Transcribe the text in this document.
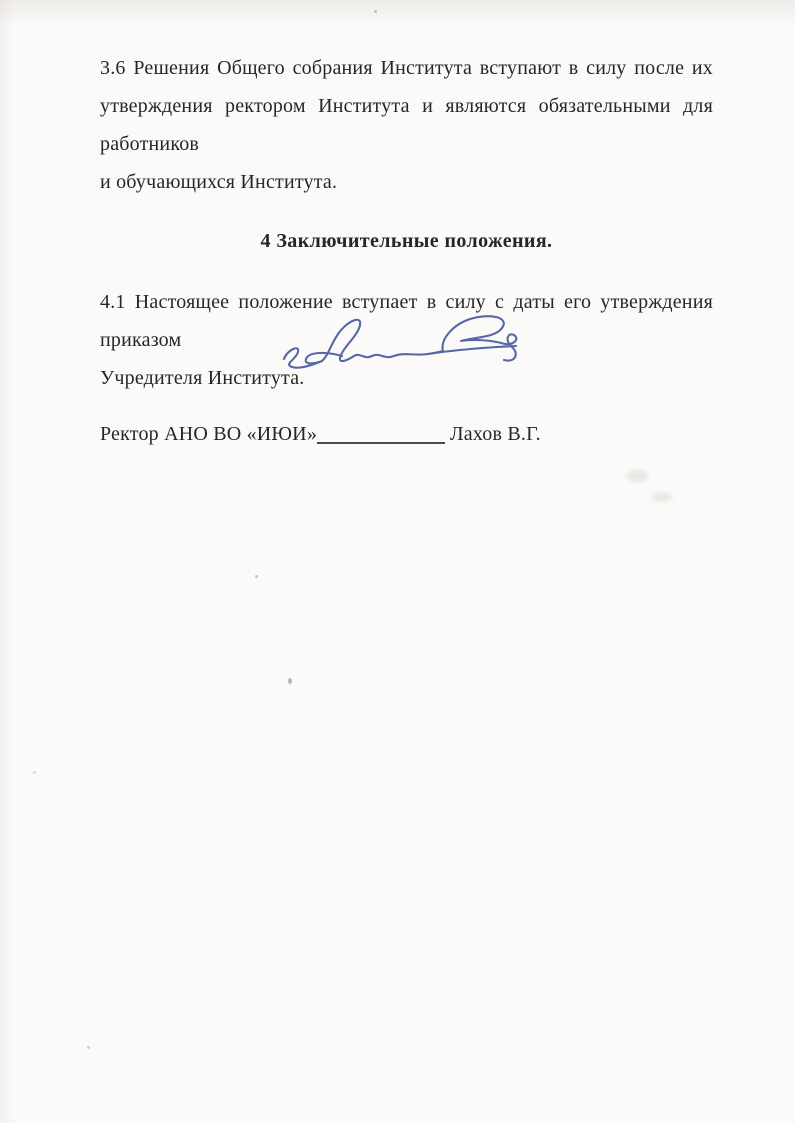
3.6 Решения Общего собрания Института вступают в силу после их
утверждения ректором Института и являются обязательными для работников
и обучающихся Института.

4 Заключительные положения.

4.1 Настоящее положение вступает в силу с даты его утверждения приказом
Учредителя Института.

Ректор АНО ВО «ИЮИ»	Лахов В.Г.
